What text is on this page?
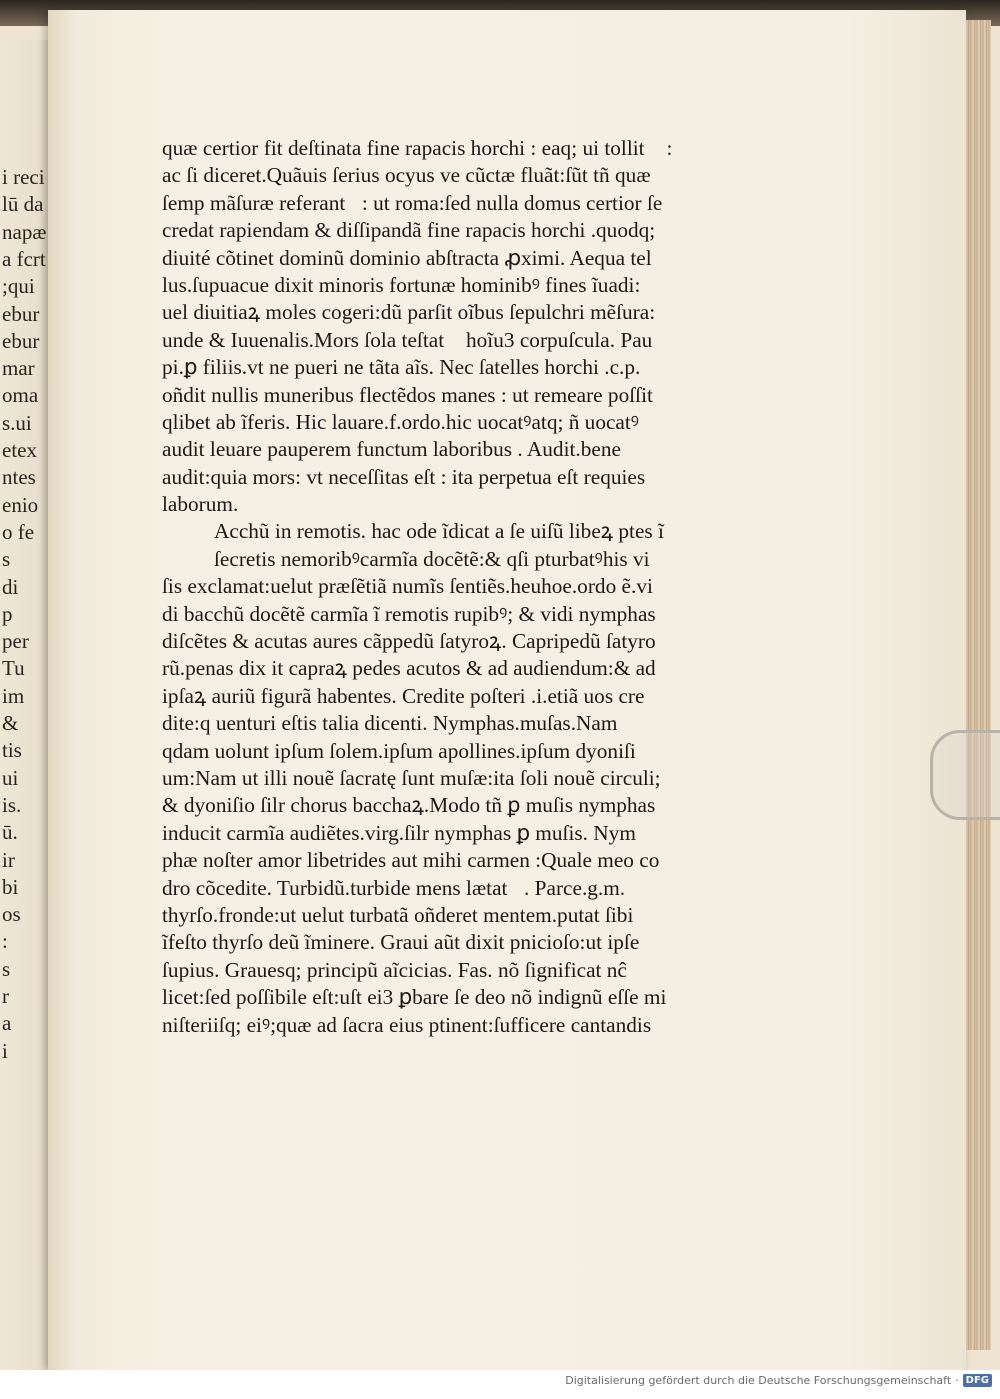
i reci
lū da
napæ
a fcrt
;qui
ebur
ebur
mar
oma
s.ui
etex
ntes
enio
o fe
s
di
p
per
Tu
im
&
tis
ui
is.
ū.
ir
bi
os
:
s
r
a
i
quæ certior fit deſtinata fine rapacis horchi : eaq; ui tollitᷣ :
ac ſi diceret.Quãuis ſerius ocyus ve cũctæ fluãt:ſũt tñ quæ
ſemp mãſuræ referantᷣ: ut roma:ſed nulla domus certior ſe
credat rapiendam & diſſipandã fine rapacis horchi .quodq;
diuité cõtinet dominũ dominio abſtracta ꝓximi. Aequa tel
lus.ſupuacue dixit minoris fortunæ hominibꝰ fines ĩuadi:
uel diuitiaꝝ moles cogeri:dũ parſit oĩbus ſepulchri mẽſura:
unde & Iuuenalis.Mors ſola teſtatᷣ hoĩu3 corpuſcula. Pau
pi.ꝑ filiis.vt ne pueri ne tãta aĩs. Nec ſatelles horchi .c.p.
oñdit nullis muneribus flectẽdos manes : ut remeare poſſit
qlibet ab ĩferis. Hic lauare.f.ordo.hic uocatꝰatq; ñ uocatꝰ
audit leuare pauperem functum laboribus . Audit.bene
audit:quia mors: vt neceſſitas eſt : ita perpetua eſt requies
laborum.
Acchũ in remotis. hac ode ĩdicat a ſe uiſũ libeꝝ ptes ĩ
ſecretis nemoribꝰcarmĩa docẽtẽ:& qſi pturbatꝰhis vi
ſis exclamat:uelut præſẽtiã numĩs ſentiẽs.heuhoe.ordo ẽ.vi
di bacchũ docẽtẽ carmĩa ĩ remotis rupibꝰ; & vidi nymphas
diſcẽtes & acutas aures cãppedũ ſatyroꝝ. Capripedũ ſatyro
rũ.penas dix it capraꝝ pedes acutos & ad audiendum:& ad
ipſaꝝ auriũ figurã habentes. Credite poſteri .i.etiã uos cre
dite:q uenturi eſtis talia dicenti. Nymphas.muſas.Nam
qdam uolunt ipſum ſolem.ipſum apollines.ipſum dyoniſi
um:Nam ut illi nouẽ ſacratę ſunt muſæ:ita ſoli nouẽ circuli;
& dyoniſio ſilr chorus bacchaꝝ.Modo tñ ꝑ muſis nymphas
inducit carmĩa audiẽtes.virg.ſilr nymphas ꝑ muſis. Nym
phæ noſter amor libetrides aut mihi carmen :Quale meo co
dro cõcedite. Turbidũ.turbide mens lætatᷣ. Parce.g.m.
thyrſo.fronde:ut uelut turbatã oñderet mentem.putat ſibi
ĩfeſto thyrſo deũ ĩminere. Graui aũt dixit pnicioſo:ut ipſe
ſupius. Grauesq; principũ aĩcicias. Fas. nõ ſignificat nĉ
licet:ſed poſſibile eſt:uſt ei3 ꝑbare ſe deo nõ indignũ eſſe mi
niſteriiſq; eiꝰ;quæ ad ſacra eius ptinent:ſufficere cantandis
Digitalisierung gefördert durch die Deutsche Forschungsgemeinschaft · DFG
